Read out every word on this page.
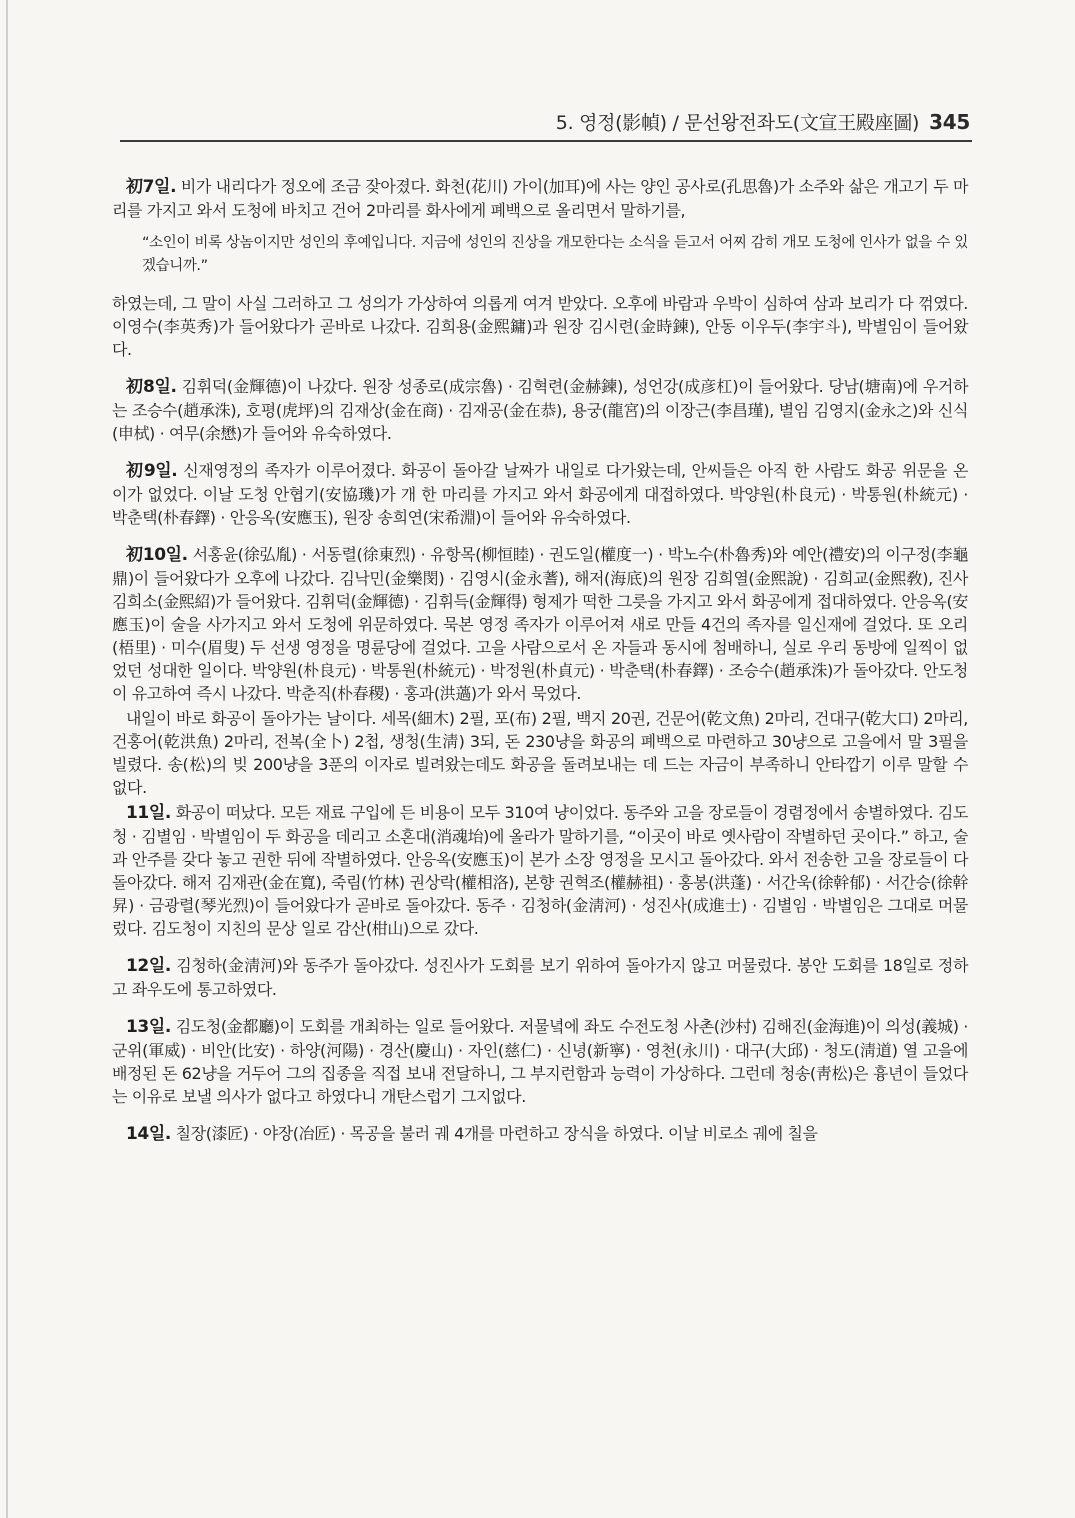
5. 영정(影幀) / 문선왕전좌도(文宣王殿座圖) 345

初7일. 비가 내리다가 정오에 조금 잦아졌다. 화천(花川) 가이(加耳)에 사는 양인 공사로(孔思魯)가 소주와 삶은 개고기 두 마리를 가지고 와서 도청에 바치고 건어 2마리를 화사에게 폐백으로 올리면서 말하기를,

“소인이 비록 상놈이지만 성인의 후예입니다. 지금에 성인의 진상을 개모한다는 소식을 듣고서 어찌 감히 개모 도청에 인사가 없을 수 있겠습니까.”

하였는데, 그 말이 사실 그러하고 그 성의가 가상하여 의롭게 여겨 받았다. 오후에 바람과 우박이 심하여 삼과 보리가 다 꺾였다. 이영수(李英秀)가 들어왔다가 곧바로 나갔다. 김희용(金熙鏞)과 원장 김시련(金時鍊), 안동 이우두(李宇斗), 박별임이 들어왔다.

初8일. 김휘덕(金輝德)이 나갔다. 원장 성종로(成宗魯) · 김혁련(金赫鍊), 성언강(成彦杠)이 들어왔다. 당남(塘南)에 우거하는 조승수(趙承洙), 호평(虎坪)의 김재상(金在商) · 김재공(金在恭), 용궁(龍宮)의 이장근(李昌瑾), 별임 김영지(金永之)와 신식(申栻) · 여무(余懋)가 들어와 유숙하였다.

初9일. 신재영정의 족자가 이루어졌다. 화공이 돌아갈 날짜가 내일로 다가왔는데, 안씨들은 아직 한 사람도 화공 위문을 온 이가 없었다. 이날 도청 안협기(安協璣)가 개 한 마리를 가지고 와서 화공에게 대접하였다. 박양원(朴良元) · 박통원(朴統元) · 박춘택(朴春鐸) · 안응옥(安應玉), 원장 송희연(宋希淵)이 들어와 유숙하였다.

初10일. 서홍윤(徐弘胤) · 서동렬(徐東烈) · 유항목(柳恒睦) · 권도일(權度一) · 박노수(朴魯秀)와 예안(禮安)의 이구정(李龜鼎)이 들어왔다가 오후에 나갔다. 김낙민(金樂閔) · 김영시(金永蓍), 해저(海底)의 원장 김희열(金熙說) · 김희교(金熙敎), 진사 김희소(金熙紹)가 들어왔다. 김휘덕(金輝德) · 김휘득(金輝得) 형제가 떡한 그릇을 가지고 와서 화공에게 접대하였다. 안응옥(安應玉)이 술을 사가지고 와서 도청에 위문하였다. 묵본 영정 족자가 이루어져 새로 만들 4건의 족자를 일신재에 걸었다. 또 오리(梧里) · 미수(眉叟) 두 선생 영정을 명륜당에 걸었다. 고을 사람으로서 온 자들과 동시에 첨배하니, 실로 우리 동방에 일찍이 없었던 성대한 일이다. 박양원(朴良元) · 박통원(朴統元) · 박정원(朴貞元) · 박춘택(朴春鐸) · 조승수(趙承洙)가 돌아갔다. 안도청이 유고하여 즉시 나갔다. 박춘직(朴春稷) · 홍과(洪薖)가 와서 묵었다.

내일이 바로 화공이 돌아가는 날이다. 세목(細木) 2필, 포(布) 2필, 백지 20권, 건문어(乾文魚) 2마리, 건대구(乾大口) 2마리, 건홍어(乾洪魚) 2마리, 전복(全卜) 2첩, 생청(生淸) 3되, 돈 230냥을 화공의 폐백으로 마련하고 30냥으로 고을에서 말 3필을 빌렸다. 송(松)의 빚 200냥을 3푼의 이자로 빌려왔는데도 화공을 돌려보내는 데 드는 자금이 부족하니 안타깝기 이루 말할 수 없다.

11일. 화공이 떠났다. 모든 재료 구입에 든 비용이 모두 310여 냥이었다. 동주와 고을 장로들이 경렴정에서 송별하였다. 김도청 · 김별임 · 박별임이 두 화공을 데리고 소혼대(消魂坮)에 올라가 말하기를, “이곳이 바로 옛사람이 작별하던 곳이다.” 하고, 술과 안주를 갖다 놓고 권한 뒤에 작별하였다. 안응옥(安應玉)이 본가 소장 영정을 모시고 돌아갔다. 와서 전송한 고을 장로들이 다 돌아갔다. 해저 김재관(金在寬), 죽림(竹林) 권상락(權相洛), 본향 권혁조(權赫祖) · 홍봉(洪蓬) · 서간욱(徐幹郁) · 서간승(徐幹昇) · 금광렬(琴光烈)이 들어왔다가 곧바로 돌아갔다. 동주 · 김청하(金淸河) · 성진사(成進士) · 김별임 · 박별임은 그대로 머물렀다. 김도청이 지친의 문상 일로 감산(柑山)으로 갔다.

12일. 김청하(金淸河)와 동주가 돌아갔다. 성진사가 도회를 보기 위하여 돌아가지 않고 머물렀다. 봉안 도회를 18일로 정하고 좌우도에 통고하였다.

13일. 김도청(金都廳)이 도회를 개최하는 일로 들어왔다. 저물녘에 좌도 수전도청 사촌(沙村) 김해진(金海進)이 의성(義城) · 군위(軍威) · 비안(比安) · 하양(河陽) · 경산(慶山) · 자인(慈仁) · 신녕(新寧) · 영천(永川) · 대구(大邱) · 청도(淸道) 열 고을에 배정된 돈 62냥을 거두어 그의 집종을 직접 보내 전달하니, 그 부지런함과 능력이 가상하다. 그런데 청송(靑松)은 흉년이 들었다는 이유로 보낼 의사가 없다고 하였다니 개탄스럽기 그지없다.

14일. 칠장(漆匠) · 야장(冶匠) · 목공을 불러 궤 4개를 마련하고 장식을 하였다. 이날 비로소 궤에 칠을
